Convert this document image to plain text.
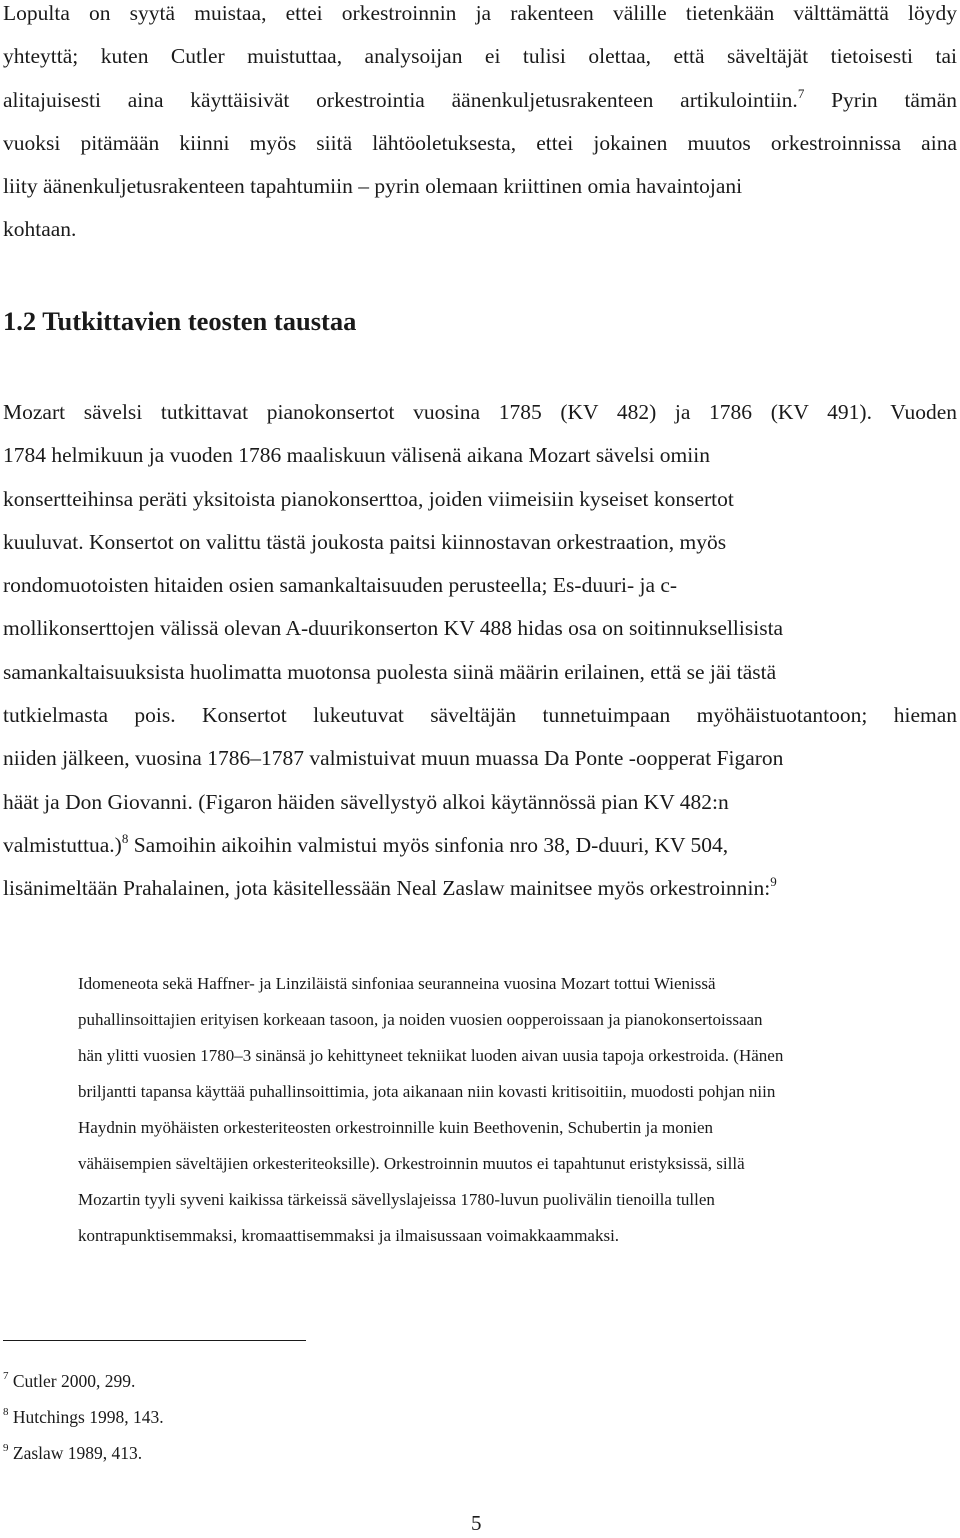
Lopulta on syytä muistaa, ettei orkestroinnin ja rakenteen välille tietenkään välttämättä löydy
yhteyttä; kuten Cutler muistuttaa, analysoijan ei tulisi olettaa, että säveltäjät tietoisesti tai
alitajuisesti aina käyttäisivät orkestrointia äänenkuljetusrakenteen artikulointiin.$^7$ Pyrin tämän
vuoksi pitämään kiinni myös siitä lähtöoletuksesta, ettei jokainen muutos orkestroinnissa aina
liity äänenkuljetusrakenteen tapahtumiin – pyrin olemaan kriittinen omia havaintojani
kohtaan.
1.2 Tutkittavien teosten taustaa
Mozart sävelsi tutkittavat pianokonsertot vuosina 1785 (KV 482) ja 1786 (KV 491). Vuoden
1784 helmikuun ja vuoden 1786 maaliskuun välisenä aikana Mozart sävelsi omiin
konsertteihinsa peräti yksitoista pianokonserttoa, joiden viimeisiin kyseiset konsertot
kuuluvat. Konsertot on valittu tästä joukosta paitsi kiinnostavan orkestraation, myös
rondomuotoisten hitaiden osien samankaltaisuuden perusteella; Es-duuri- ja c-
mollikonserttojen välissä olevan A-duurikonserton KV 488 hidas osa on soitinnuksellisista
samankaltaisuuksista huolimatta muotonsa puolesta siinä määrin erilainen, että se jäi tästä
tutkielmasta pois. Konsertot lukeutuvat säveltäjän tunnetuimpaan myöhäistuotantoon; hieman
niiden jälkeen, vuosina 1786–1787 valmistuivat muun muassa Da Ponte -oopperat Figaron
häät ja Don Giovanni. (Figaron häiden sävellystyö alkoi käytännössä pian KV 482:n
valmistuttua.)$^8$ Samoihin aikoihin valmistui myös sinfonia nro 38, D-duuri, KV 504,
lisänimeltään Prahalainen, jota käsitellessään Neal Zaslaw mainitsee myös orkestroinnin:$^9$
Idomeneota sekä Haffner- ja Linziläistä sinfoniaa seuranneina vuosina Mozart tottui Wienissä
puhallinsoittajien erityisen korkeaan tasoon, ja noiden vuosien oopperoissaan ja pianokonsertoissaan
hän ylitti vuosien 1780–3 sinänsä jo kehittyneet tekniikat luoden aivan uusia tapoja orkestroida. (Hänen
briljantti tapansa käyttää puhallinsoittimia, jota aikanaan niin kovasti kritisoitiin, muodosti pohjan niin
Haydnin myöhäisten orkesteriteosten orkestroinnille kuin Beethovenin, Schubertin ja monien
vähäisempien säveltäjien orkesteriteoksille). Orkestroinnin muutos ei tapahtunut eristyksissä, sillä
Mozartin tyyli syveni kaikissa tärkeissä sävellyslajeissa 1780-luvun puolivälin tienoilla tullen
kontrapunktisemmaksi, kromaattisemmaksi ja ilmaisussaan voimakkaammaksi.

$^7$ Cutler 2000, 299.

$^8$ Hutchings 1998, 143.

$^9$ Zaslaw 1989, 413.

5
